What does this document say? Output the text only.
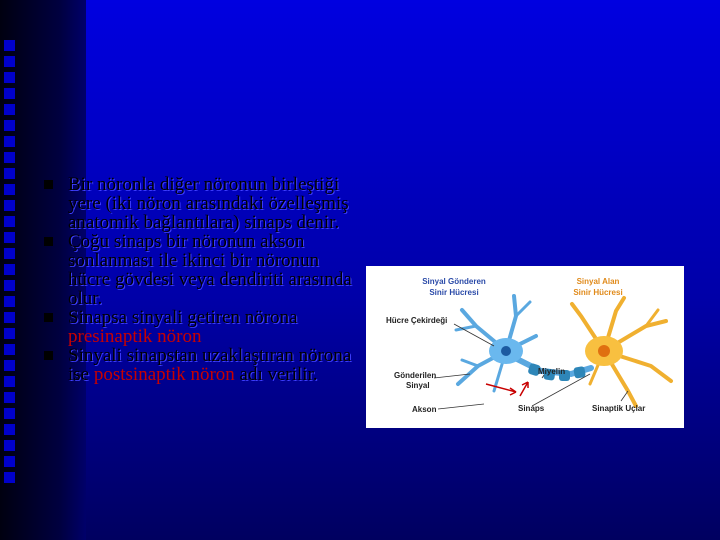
Bir nöronla diğer nöronun birleştiği yere (iki nöron arasındaki özelleşmiş anatomik bağlantılara) sinaps denir.
Çoğu sinaps bir nöronun akson sonlanması ile ikinci bir nöronun hücre gövdesi veya dendiriti arasında olur.
Sinapsa sinyali getiren nörona presinaptik nöron
Sinyali sinapstan uzaklaştıran nörona ise postsinaptik nöron adı verilir.
Sinyal Gönderen
Sinir Hücresi
Sinyal Alan
Sinir Hücresi
Hücre Çekirdeği
Gönderilen
Sinyal
Miyelin
Akson	Sinaps	Sinaptik Uçlar
